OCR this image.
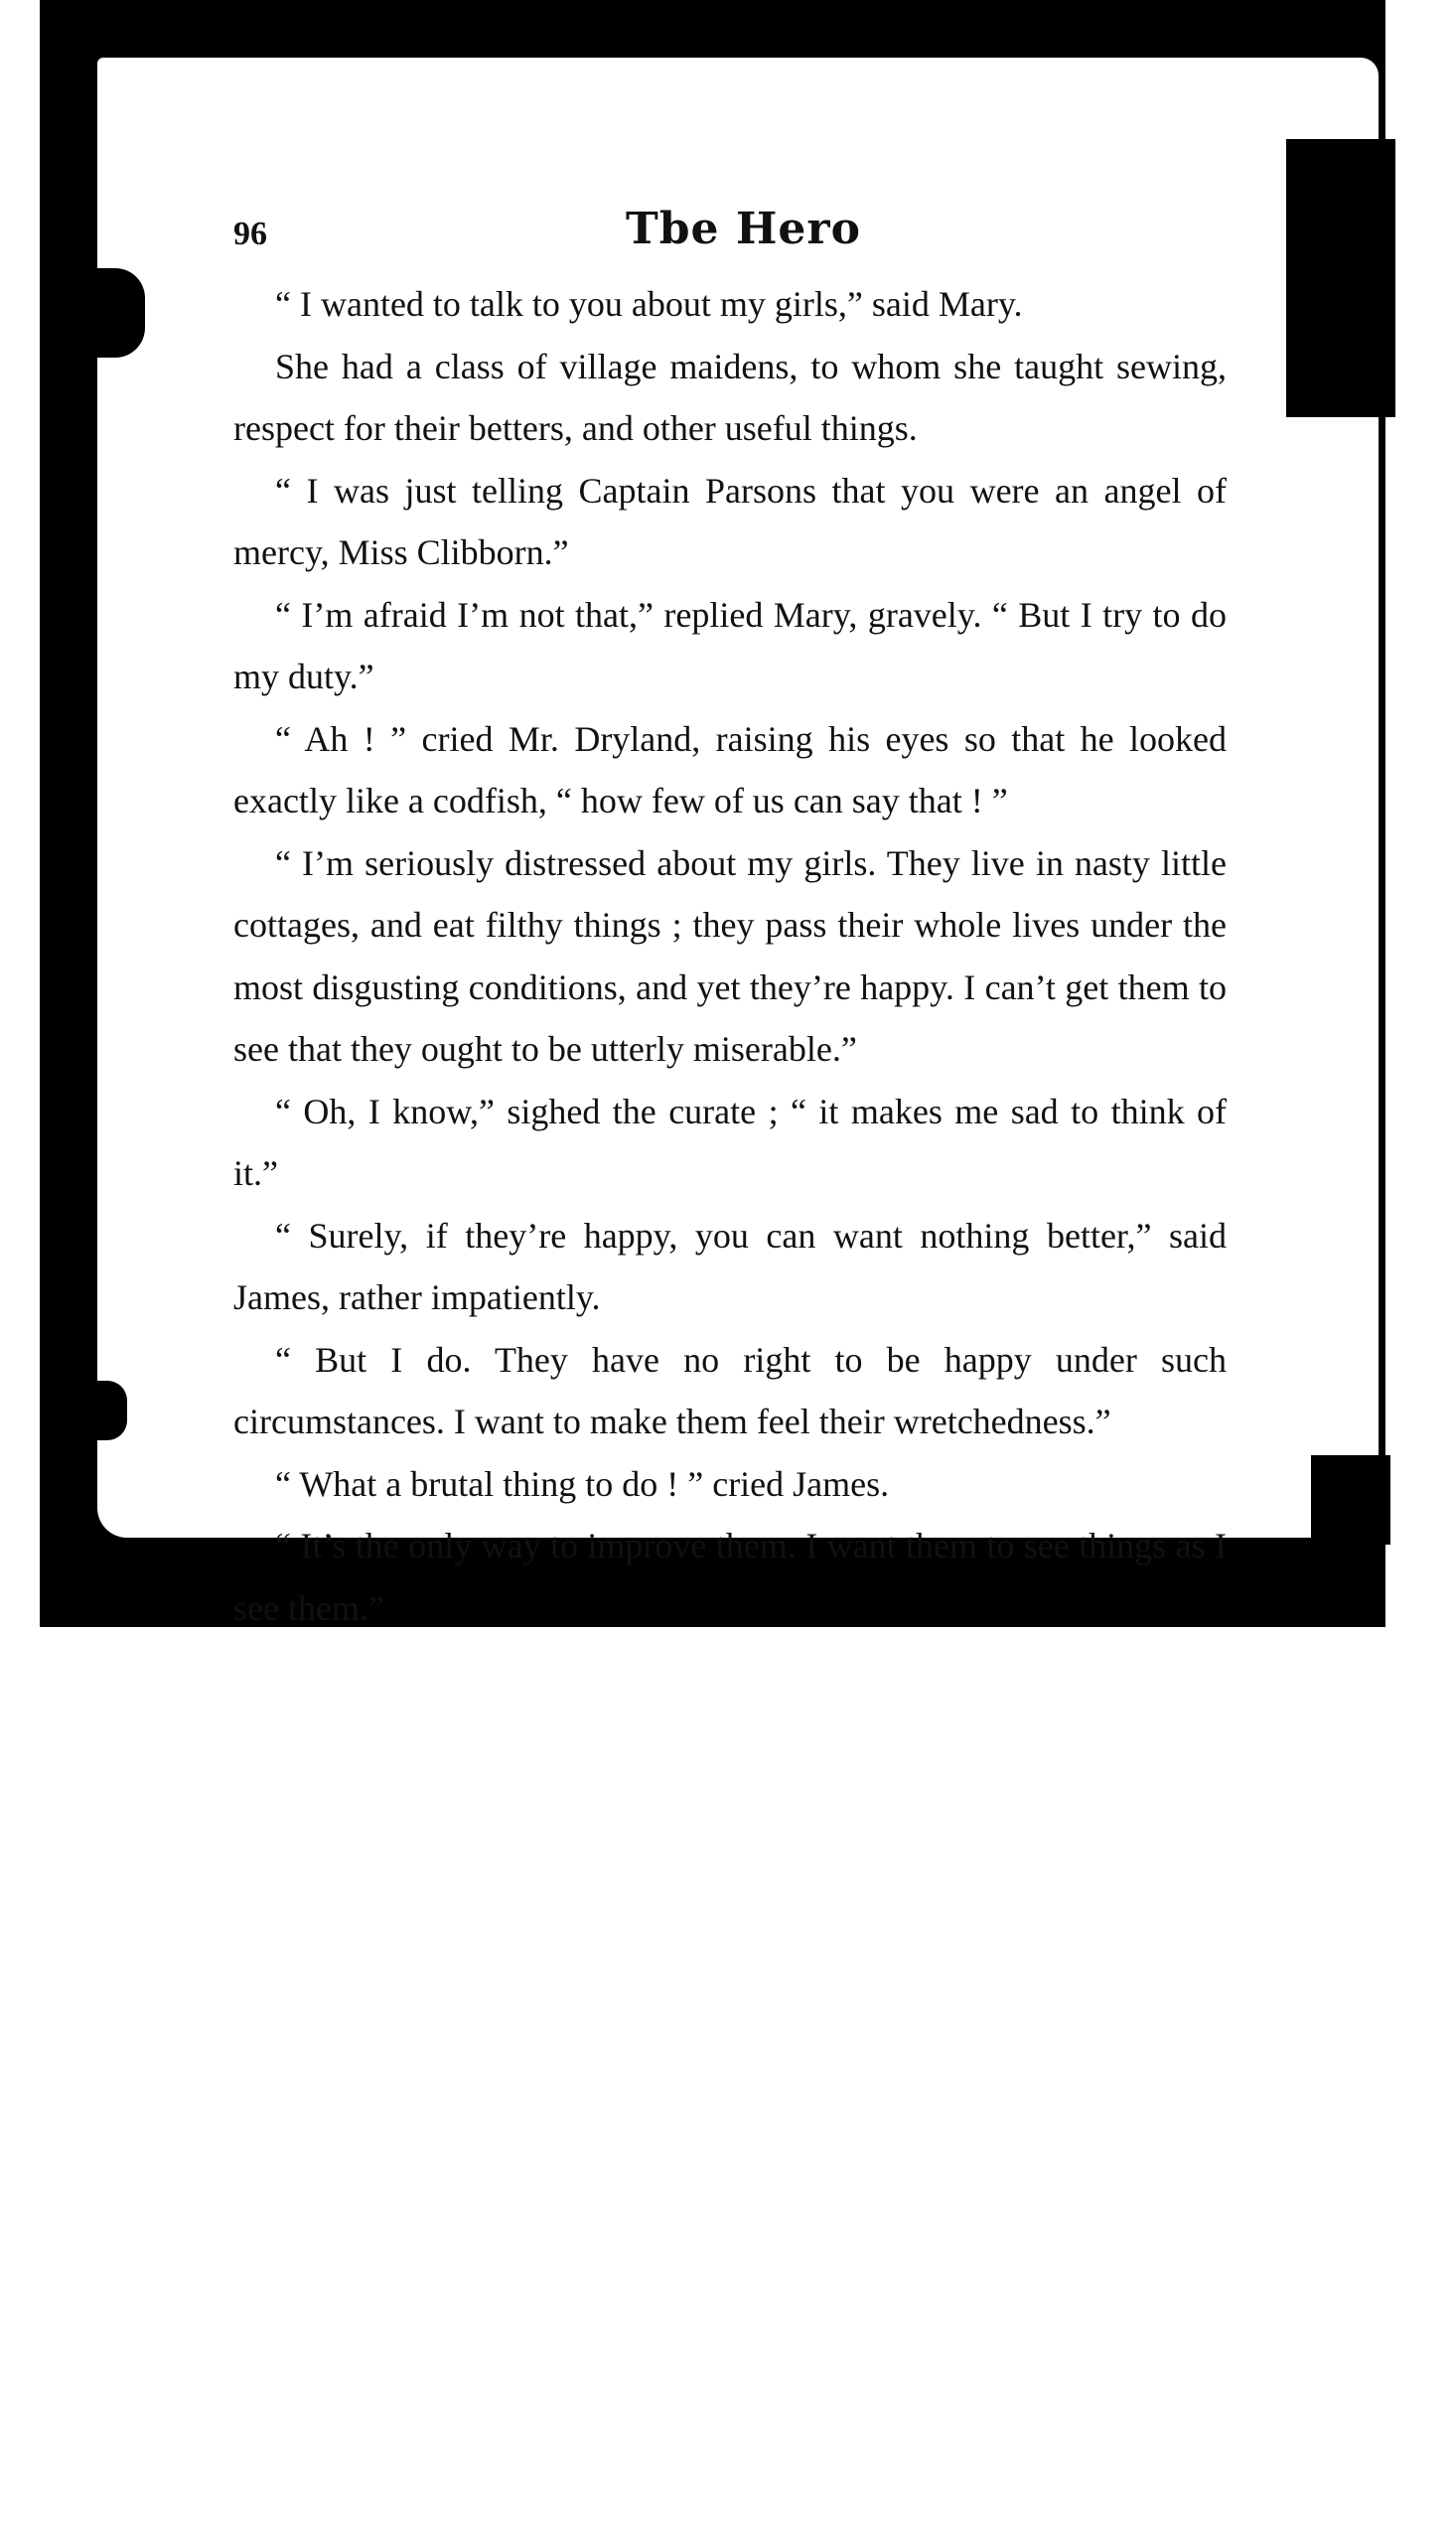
96	Tbe Hero

“ I wanted to talk to you about my girls,” said Mary.

She had a class of village maidens, to whom she taught sewing, respect for their betters, and other useful things.

“ I was just telling Captain Parsons that you were an angel of mercy, Miss Clibborn.”

“ I’m afraid I’m not that,” replied Mary, gravely. “ But I try to do my duty.”

“ Ah ! ” cried Mr. Dryland, raising his eyes so that he looked exactly like a codfish, “ how few of us can say that ! ”

“ I’m seriously distressed about my girls. They live in nasty little cottages, and eat filthy things ; they pass their whole lives under the most disgusting conditions, and yet they’re happy. I can’t get them to see that they ought to be utterly miserable.”

“ Oh, I know,” sighed the curate ; “ it makes me sad to think of it.”

“ Surely, if they’re happy, you can want nothing better,” said James, rather impatiently.

“ But I do. They have no right to be happy under such circumstances. I want to make them feel their wretchedness.”

“ What a brutal thing to do ! ” cried James.

“ It’s the only way to improve them. I want them to see things as I see them.”
